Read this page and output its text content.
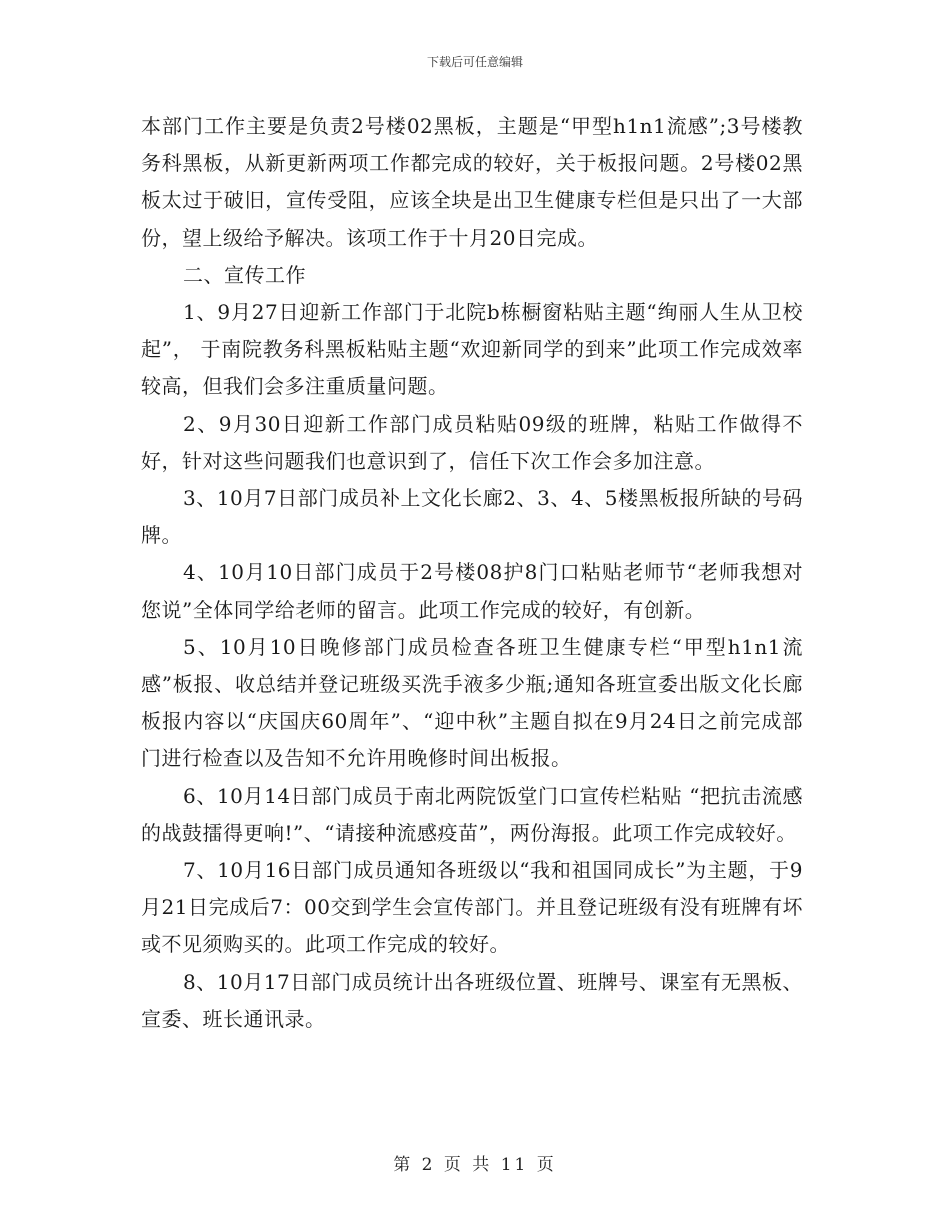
下载后可任意编辑

本部门工作主要是负责2号楼02黑板，主题是“甲型h1n1流感”;3号楼教务科黑板，从新更新两项工作都完成的较好，关于板报问题。2号楼02黑板太过于破旧，宣传受阻，应该全块是出卫生健康专栏但是只出了一大部份，望上级给予解决。该项工作于十月20日完成。

二、宣传工作

1、9月27日迎新工作部门于北院b栋橱窗粘贴主题“绚丽人生从卫校起”， 于南院教务科黑板粘贴主题“欢迎新同学的到来”此项工作完成效率较高，但我们会多注重质量问题。

2、9月30日迎新工作部门成员粘贴09级的班牌，粘贴工作做得不好，针对这些问题我们也意识到了，信任下次工作会多加注意。

3、10月7日部门成员补上文化长廊2、3、4、5楼黑板报所缺的号码牌。

4、10月10日部门成员于2号楼08护8门口粘贴老师节“老师我想对您说”全体同学给老师的留言。此项工作完成的较好，有创新。

5、10月10日晚修部门成员检查各班卫生健康专栏“甲型h1n1流感”板报、收总结并登记班级买洗手液多少瓶;通知各班宣委出版文化长廊板报内容以“庆国庆60周年”、“迎中秋”主题自拟在9月24日之前完成部门进行检查以及告知不允许用晚修时间出板报。

6、10月14日部门成员于南北两院饭堂门口宣传栏粘贴 “把抗击流感的战鼓擂得更响!”、“请接种流感疫苗”，两份海报。此项工作完成较好。

7、10月16日部门成员通知各班级以“我和祖国同成长”为主题，于9月21日完成后7：00交到学生会宣传部门。并且登记班级有没有班牌有坏或不见须购买的。此项工作完成的较好。

8、10月17日部门成员统计出各班级位置、班牌号、课室有无黑板、宣委、班长通讯录。

第 2 页 共 11 页
